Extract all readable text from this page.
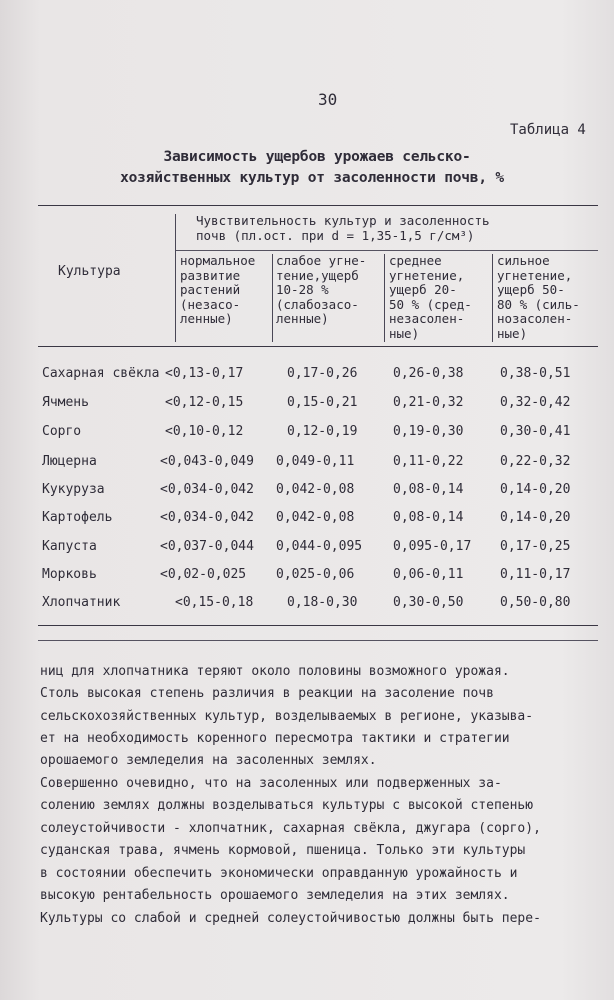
30
Таблица 4
Зависимость ущербов урожаев сельско-
хозяйственных культур от засоленности почв, %
Культура
Чувствительность культур и засоленность
почв (пл.ост. при d = 1,35-1,5 г/см³)
нормальное
развитие
растений
(незасо-
ленные)
слабое угне-
тение,ущерб
10-28 %
(слабозасо-
ленные)
среднее
угнетение,
ущерб 20-
50 % (сред-
незасолен-
ные)
сильное
угнетение,
ущерб 50-
80 % (силь-
нозасолен-
ные)
Сахарная свёкла <0,13-0,17	0,17-0,26	0,26-0,38	0,38-0,51
Ячмень	<0,12-0,15	0,15-0,21	0,21-0,32	0,32-0,42
Сорго	<0,10-0,12	0,12-0,19	0,19-0,30	0,30-0,41
Люцерна	<0,043-0,049 0,049-0,11	0,11-0,22	0,22-0,32
Кукуруза	<0,034-0,042 0,042-0,08	0,08-0,14	0,14-0,20
Картофель	<0,034-0,042 0,042-0,08	0,08-0,14	0,14-0,20
Капуста	<0,037-0,044 0,044-0,095 0,095-0,17 0,17-0,25
Морковь	<0,02-0,025 0,025-0,06	0,06-0,11	0,11-0,17
Хлопчатник	<0,15-0,18	0,18-0,30	0,30-0,50	0,50-0,80
ниц для хлопчатника теряют около половины возможного урожая.
Столь высокая степень различия в реакции на засоление почв
сельскохозяйственных культур, возделываемых в регионе, указыва-
ет на необходимость коренного пересмотра тактики и стратегии
орошаемого земледелия на засоленных землях.
Совершенно очевидно, что на засоленных или подверженных за-
солению землях должны возделываться культуры с высокой степенью
солеустойчивости - хлопчатник, сахарная свёкла, джугара (сорго),
суданская трава, ячмень кормовой, пшеница. Только эти культуры
в состоянии обеспечить экономически оправданную урожайность и
высокую рентабельность орошаемого земледелия на этих землях.
Культуры со слабой и средней солеустойчивостью должны быть пере-
